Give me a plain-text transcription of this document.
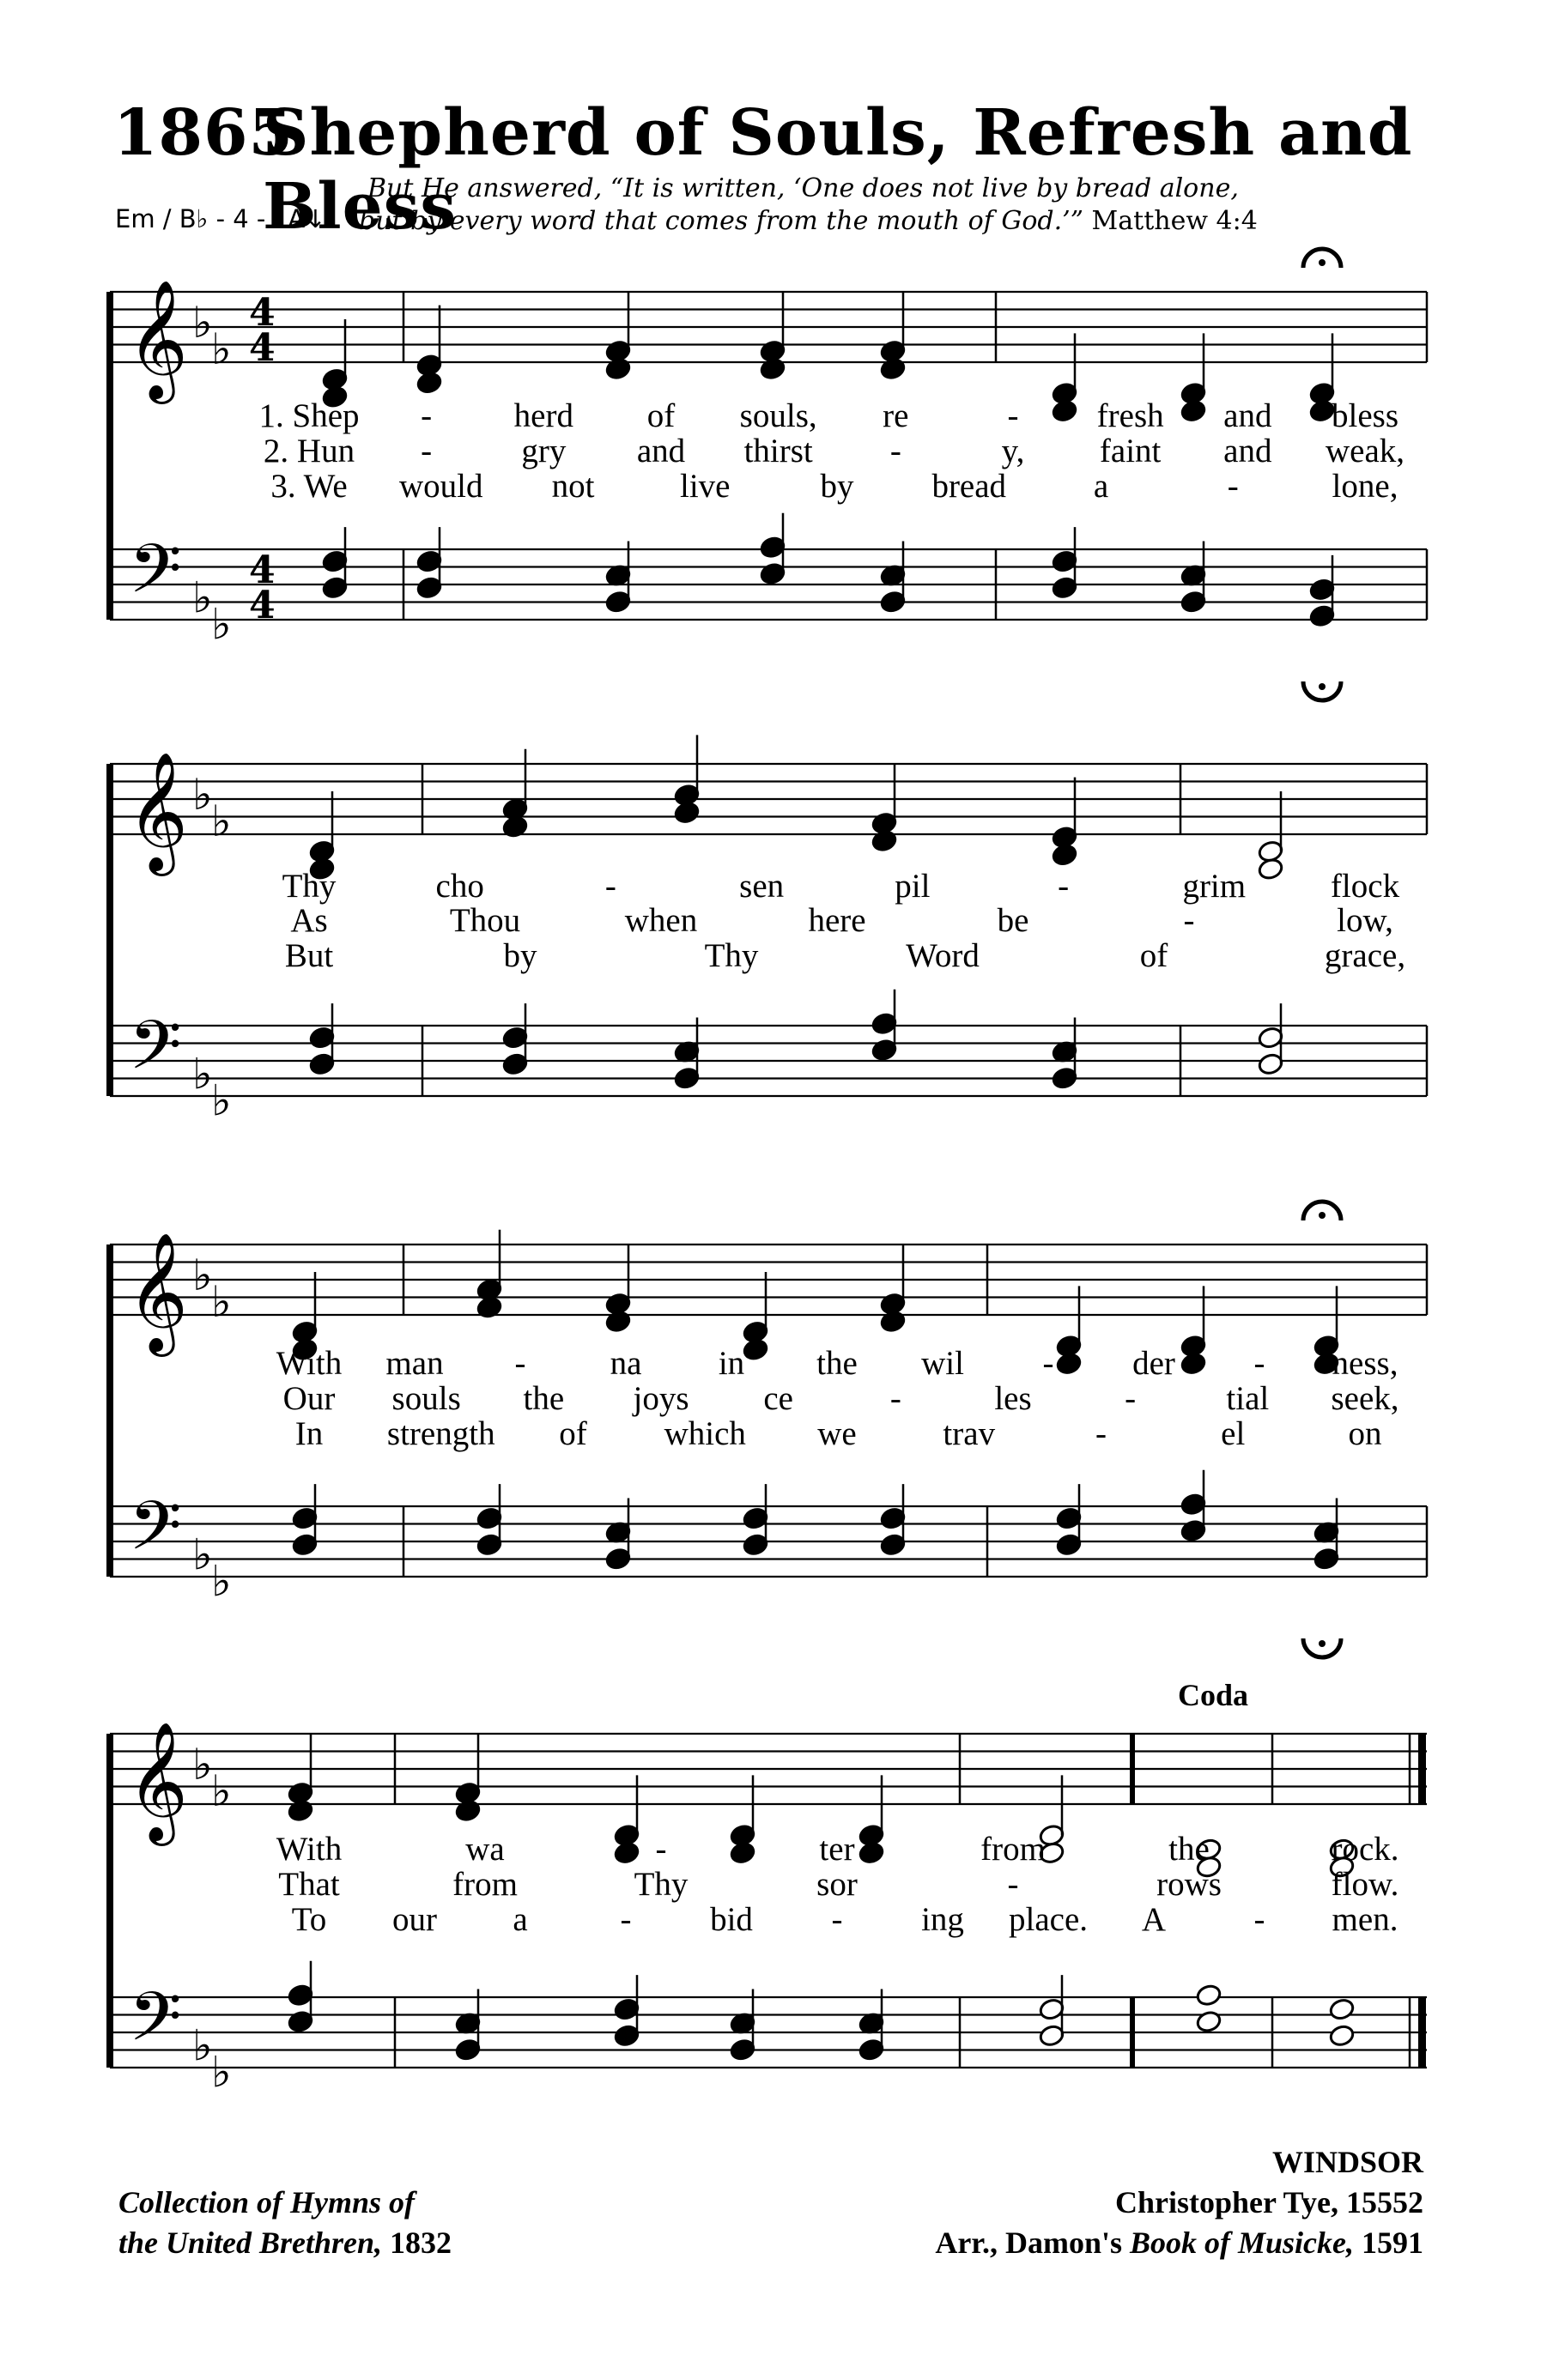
1865
Shepherd of Souls, Refresh and Bless
Em / B♭ - 4 - LA↓
But He answered, “It is written, ‘One does not live by bread alone,
but by every word that comes from the mouth of God.’” Matthew 4:4
𝄞
𝄢
♭
♭
♭
♭
4
4
4
4
𝄞
𝄢
♭
♭
♭
♭
𝄞
𝄢
♭
♭
♭
♭
𝄞
𝄢
♭
♭
♭
♭
1. Shep - herd of souls, re	- fresh and bless
2. Hun -	gry and thirst -	y, faint and weak,
3. We would not	live	by bread	a	-	lone,
Thy	cho	-	sen	pil	-	grim	flock
As	Thou	when	here	be	-	low,
But	by	Thy	Word	of	grace,
With man -	na in the wil - der - ness,
Our souls the joys ce	-	les	-	tial seek,
In strength of which we	trav	-	el	on
With	wa	-	ter	from	the	rock.
That	from	Thy	sor	-	rows	flow.
To our a	- bid - ing place. A	- men.
Coda
Collection of Hymns of
the United Brethren, 1832
WINDSOR
Christopher Tye, 15552
Arr., Damon's Book of Musicke, 1591
